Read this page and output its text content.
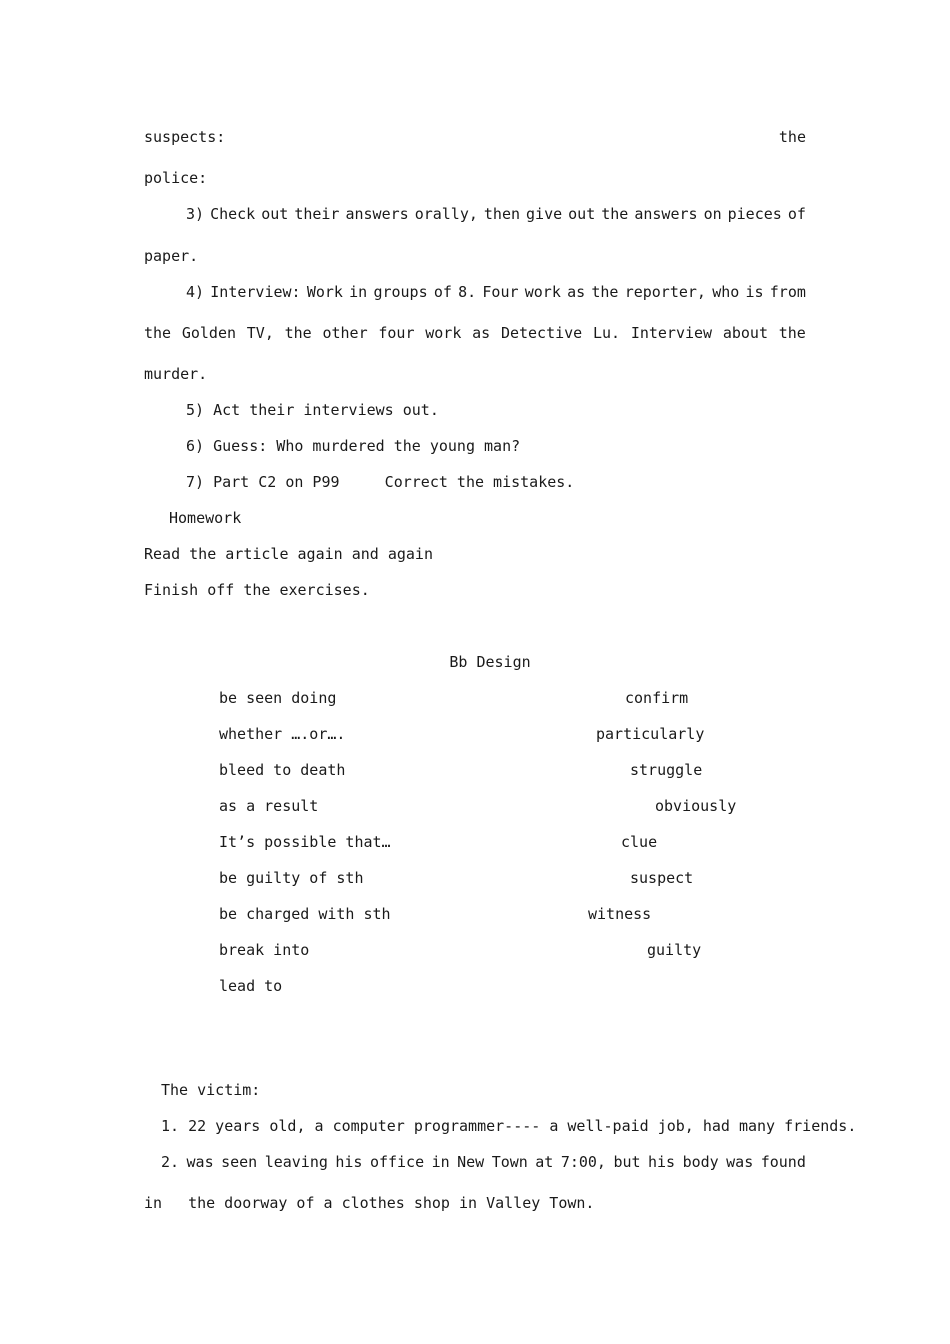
suspects:	the
police:
3) Check out their answers orally, then give out the answers on pieces of
paper.
4) Interview: Work in groups of 8. Four work as the reporter, who is from
the Golden TV, the other four work as Detective Lu. Interview about the
murder.
5) Act their interviews out.
6) Guess: Who murdered the young man?
7) Part C2 on P99     Correct the mistakes.
Homework
Read the article again and again
Finish off the exercises.
Bb Design
be seen doing
whether ….or….
bleed to death
as a result
It’s possible that…
be guilty of sth
be charged with sth
break into
lead to
confirm
particularly
struggle
obviously
clue
suspect
witness
guilty
The victim:
1. 22 years old, a computer programmer---- a well-paid job, had many friends.
2. was seen leaving his office in New Town at 7:00, but his body was found
in the doorway of a clothes shop in Valley Town.
